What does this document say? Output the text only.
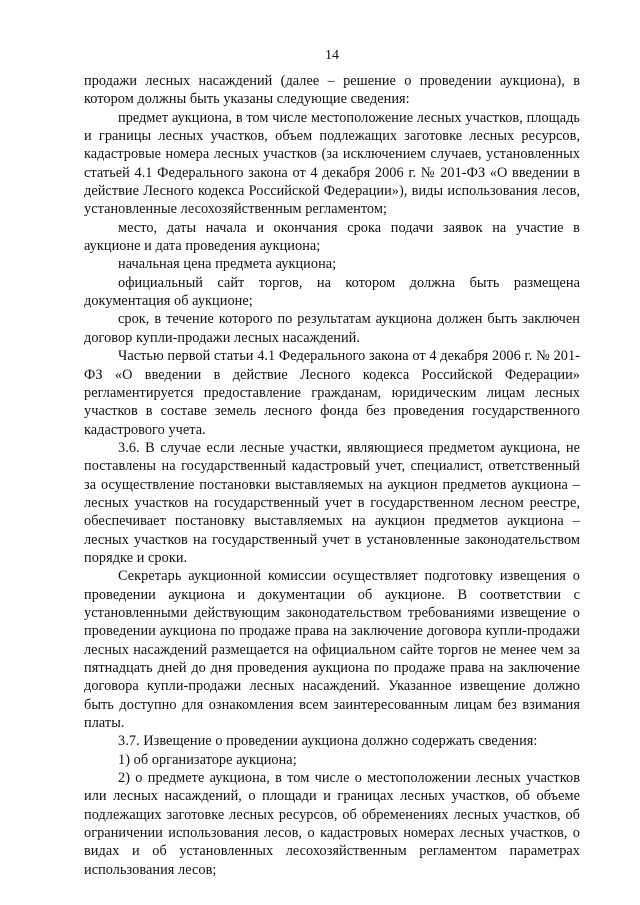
14

продажи лесных насаждений (далее – решение о проведении аукциона), в котором должны быть указаны следующие сведения:

предмет аукциона, в том числе местоположение лесных участков, площадь и границы лесных участков, объем подлежащих заготовке лесных ресурсов, кадастровые номера лесных участков (за исключением случаев, установленных статьей 4.1 Федерального закона от 4 декабря 2006 г. № 201-ФЗ «О введении в действие Лесного кодекса Российской Федерации»), виды использования лесов, установленные лесохозяйственным регламентом;

место, даты начала и окончания срока подачи заявок на участие в аукционе и дата проведения аукциона;

начальная цена предмета аукциона;

официальный сайт торгов, на котором должна быть размещена документация об аукционе;

срок, в течение которого по результатам аукциона должен быть заключен договор купли-продажи лесных насаждений.

Частью первой статьи 4.1 Федерального закона от 4 декабря 2006 г. № 201-ФЗ «О введении в действие Лесного кодекса Российской Федерации» регламентируется предоставление гражданам, юридическим лицам лесных участков в составе земель лесного фонда без проведения государственного кадастрового учета.

3.6. В случае если лесные участки, являющиеся предметом аукциона, не поставлены на государственный кадастровый учет, специалист, ответственный за осуществление постановки выставляемых на аукцион предметов аукциона – лесных участков на государственный учет в государственном лесном реестре, обеспечивает постановку выставляемых на аукцион предметов аукциона – лесных участков на государственный учет в установленные законодательством порядке и сроки.

Секретарь аукционной комиссии осуществляет подготовку извещения о проведении аукциона и документации об аукционе. В соответствии с установленными действующим законодательством требованиями извещение о проведении аукциона по продаже права на заключение договора купли-продажи лесных насаждений размещается на официальном сайте торгов не менее чем за пятнадцать дней до дня проведения аукциона по продаже права на заключение договора купли-продажи лесных насаждений. Указанное извещение должно быть доступно для ознакомления всем заинтересованным лицам без взимания платы.

3.7. Извещение о проведении аукциона должно содержать сведения:

1) об организаторе аукциона;

2) о предмете аукциона, в том числе о местоположении лесных участков или лесных насаждений, о площади и границах лесных участков, об объеме подлежащих заготовке лесных ресурсов, об обременениях лесных участков, об ограничении использования лесов, о кадастровых номерах лесных участков, о видах и об установленных лесохозяйственным регламентом параметрах использования лесов;
